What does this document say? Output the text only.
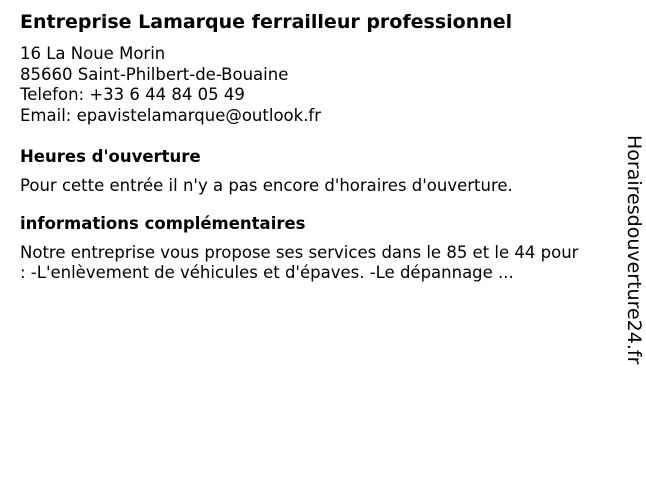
Entreprise Lamarque ferrailleur professionnel
16 La Noue Morin
85660 Saint-Philbert-de-Bouaine
Telefon: +33 6 44 84 05 49
Email: epavistelamarque@outlook.fr
Heures d'ouverture
Pour cette entrée il n'y a pas encore d'horaires d'ouverture.
informations complémentaires
Notre entreprise vous propose ses services dans le 85 et le 44 pour : -L'enlèvement de véhicules et d'épaves. -Le dépannage ...	Horairesdouverture24.fr
